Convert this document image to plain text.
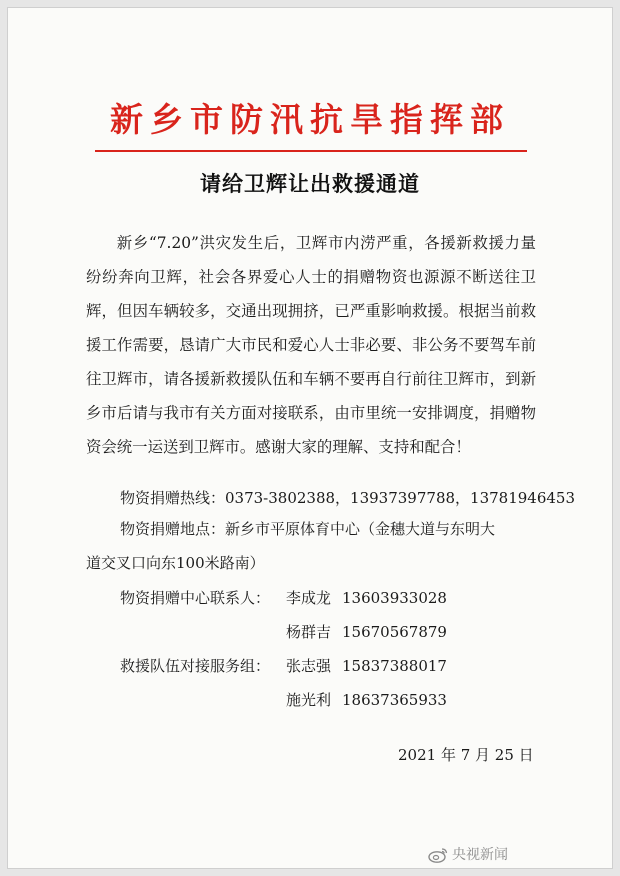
新乡市防汛抗旱指挥部
请给卫辉让出救援通道

新乡“7.20”洪灾发生后，卫辉市内涝严重，各援新救援力量纷纷奔向卫辉，社会各界爱心人士的捐赠物资也源源不断送往卫辉，但因车辆较多，交通出现拥挤，已严重影响救援。根据当前救援工作需要，恳请广大市民和爱心人士非必要、非公务不要驾车前往卫辉市，请各援新救援队伍和车辆不要再自行前往卫辉市，到新乡市后请与我市有关方面对接联系，由市里统一安排调度，捐赠物资会统一运送到卫辉市。感谢大家的理解、支持和配合！

物资捐赠热线：0373-3802388，13937397788，13781946453
物资捐赠地点：新乡市平原体育中心（金穗大道与东明大道交叉口向东100米路南）
物资捐赠中心联系人： 李成龙 13603933028
杨群吉 15670567879
救援队伍对接服务组： 张志强 15837388017
施光利 18637365933
2021 年 7 月 25 日
央视新闻
